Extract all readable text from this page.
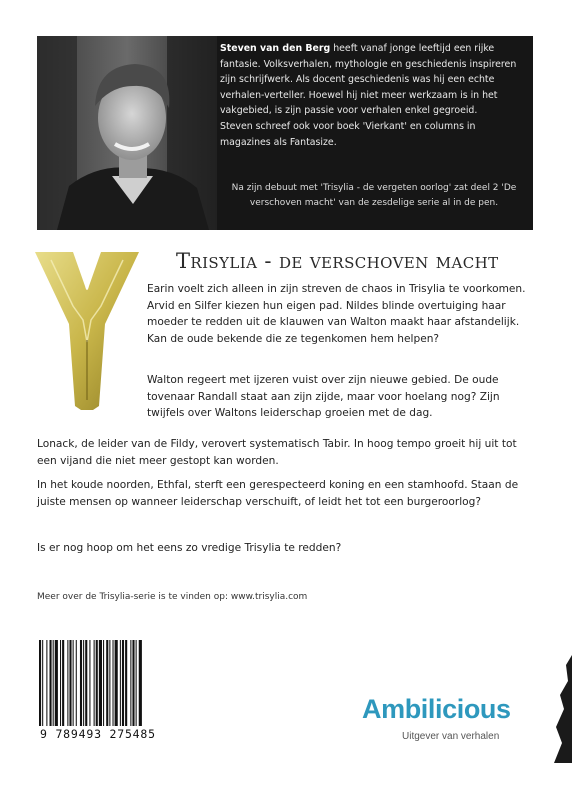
Steven van den Berg heeft vanaf jonge leeftijd een rijke fantasie. Volksverhalen, mythologie en geschiedenis inspireren zijn schrijfwerk. Als docent geschiedenis was hij een echte verhalen-verteller. Hoewel hij niet meer werkzaam is in het vakgebied, is zijn passie voor verhalen enkel gegroeid.
Steven schreef ook voor boek 'Vierkant' en columns in magazines als Fantasize.
Na zijn debuut met 'Trisylia - de vergeten oorlog' zat deel 2 'De verschoven macht' van de zesdelige serie al in de pen.
Trisylia - de verschoven macht
Earin voelt zich alleen in zijn streven de chaos in Trisylia te voorkomen. Arvid en Silfer kiezen hun eigen pad. Nildes blinde overtuiging haar moeder te redden uit de klauwen van Walton maakt haar afstandelijk. Kan de oude bekende die ze tegenkomen hem helpen?
Walton regeert met ijzeren vuist over zijn nieuwe gebied. De oude tovenaar Randall staat aan zijn zijde, maar voor hoelang nog? Zijn twijfels over Waltons leiderschap groeien met de dag.
Lonack, de leider van de Fildy, verovert systematisch Tabir. In hoog tempo groeit hij uit tot een vijand die niet meer gestopt kan worden.
In het koude noorden, Ethfal, sterft een gerespecteerd koning en een stamhoofd. Staan de juiste mensen op wanneer leiderschap verschuift, of leidt het tot een burgeroorlog?
Is er nog hoop om het eens zo vredige Trisylia te redden?
Meer over de Trisylia-serie is te vinden op: www.trisylia.com
9 789493 275485
Ambilicious
Uitgever van verhalen
